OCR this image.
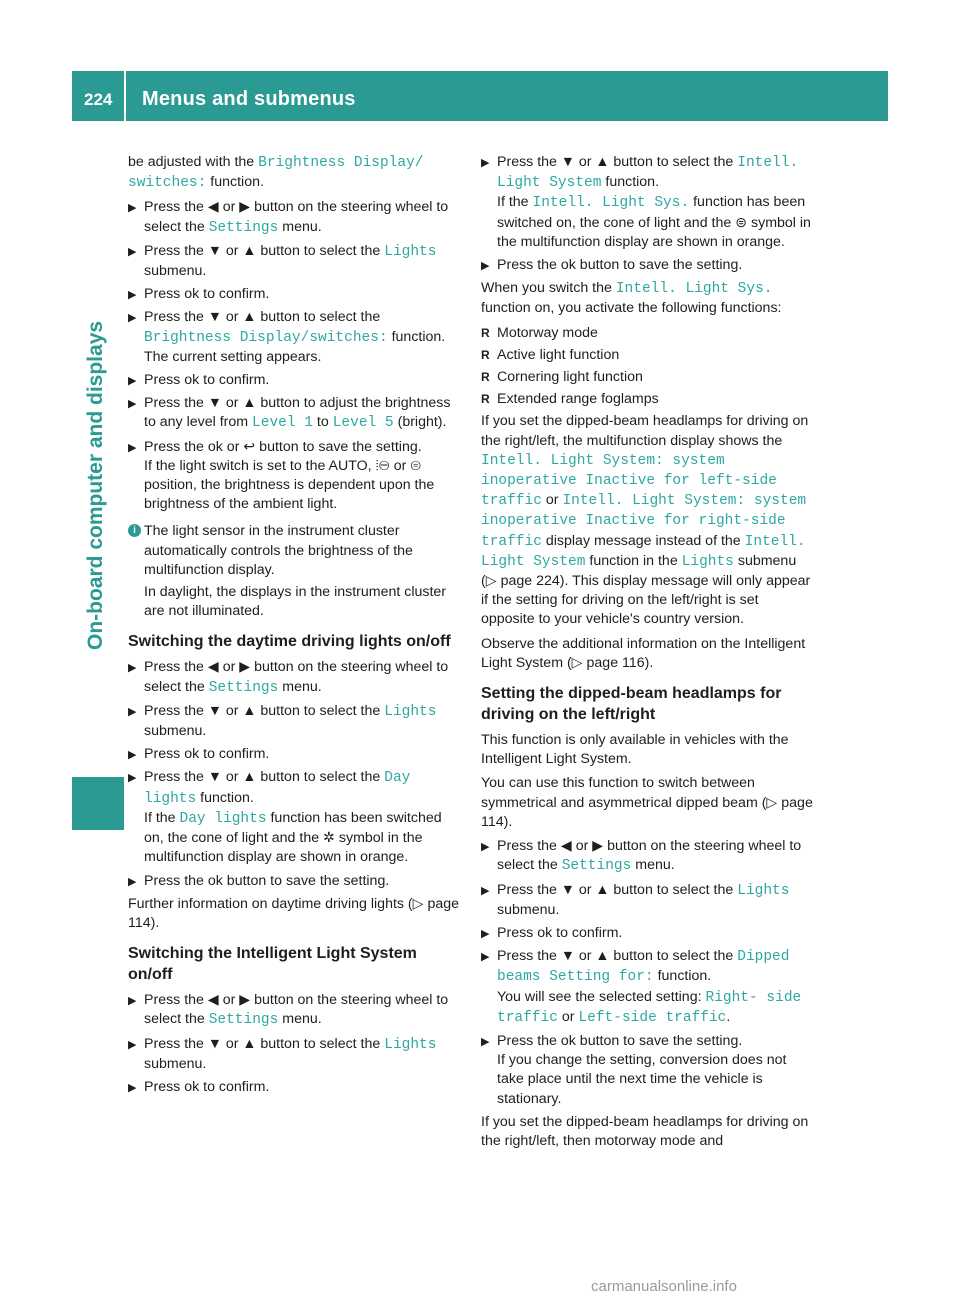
224 Menus and submenus
On-board computer and displays

be adjusted with the Brightness Display/ switches: function.

▶ Press the ◀ or ▶ button on the steering wheel to select the Settings menu.
▶ Press the ▼ or ▲ button to select the Lights submenu.
▶ Press ok to confirm.
▶ Press the ▼ or ▲ button to select the Brightness Display/switches: function. The current setting appears.
▶ Press ok to confirm.
▶ Press the ▼ or ▲ button to adjust the brightness to any level from Level 1 to Level 5 (bright).
▶ Press the ok or ↩ button to save the setting.
If the light switch is set to the AUTO, ⦙⊖ or ⊜ position, the brightness is dependent upon the brightness of the ambient light.
i The light sensor in the instrument cluster automatically controls the brightness of the multifunction display.
In daylight, the displays in the instrument cluster are not illuminated.
Switching the daytime driving lights on/off
▶ Press the ◀ or ▶ button on the steering wheel to select the Settings menu.
▶ Press the ▼ or ▲ button to select the Lights submenu.
▶ Press ok to confirm.
▶ Press the ▼ or ▲ button to select the Day lights function.
If the Day lights function has been switched on, the cone of light and the ✲ symbol in the multifunction display are shown in orange.
▶ Press the ok button to save the setting.

Further information on daytime driving lights (▷ page 114).

Switching the Intelligent Light System on/off
▶ Press the ◀ or ▶ button on the steering wheel to select the Settings menu.
▶ Press the ▼ or ▲ button to select the Lights submenu.
▶ Press ok to confirm.
▶ Press the ▼ or ▲ button to select the Intell. Light System function.
If the Intell. Light Sys. function has been switched on, the cone of light and the ⊜ symbol in the multifunction display are shown in orange.
▶ Press the ok button to save the setting.

When you switch the Intell. Light Sys. function on, you activate the following functions:

R Motorway mode
R Active light function
R Cornering light function
R Extended range foglamps

If you set the dipped-beam headlamps for driving on the right/left, the multifunction display shows the Intell. Light System: system inoperative Inactive for left-side traffic or Intell. Light System: system inoperative Inactive for right-side traffic display message instead of the Intell. Light System function in the Lights submenu (▷ page 224). This display message will only appear if the setting for driving on the left/right is set opposite to your vehicle's country version.

Observe the additional information on the Intelligent Light System (▷ page 116).

Setting the dipped-beam headlamps for driving on the left/right

This function is only available in vehicles with the Intelligent Light System.

You can use this function to switch between symmetrical and asymmetrical dipped beam (▷ page 114).

▶ Press the ◀ or ▶ button on the steering wheel to select the Settings menu.
▶ Press the ▼ or ▲ button to select the Lights submenu.
▶ Press ok to confirm.
▶ Press the ▼ or ▲ button to select the Dipped beams Setting for: function.
You will see the selected setting: Right- side traffic or Left-side traffic.
▶ Press the ok button to save the setting.
If you change the setting, conversion does not take place until the next time the vehicle is stationary.

If you set the dipped-beam headlamps for driving on the right/left, then motorway mode and

carmanualsonline.info
